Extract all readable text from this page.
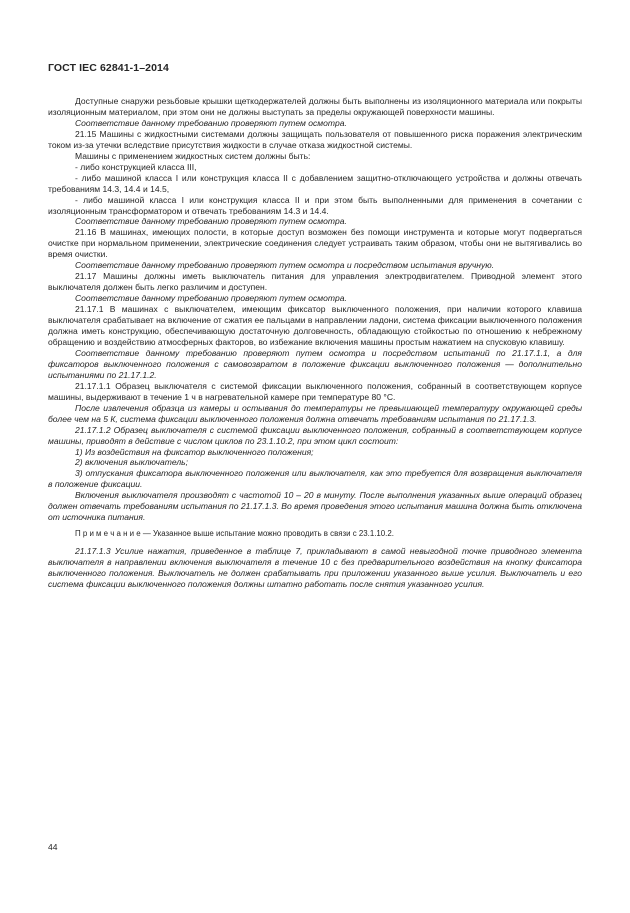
ГОСТ IEC 62841-1–2014

Доступные снаружи резьбовые крышки щеткодержателей должны быть выполнены из изоляционного материала или покрыты изоляционным материалом, при этом они не должны выступать за пределы окружающей поверхности машины.

Соответствие данному требованию проверяют путем осмотра.

21.15 Машины с жидкостными системами должны защищать пользователя от повышенного риска поражения электрическим током из-за утечки вследствие присутствия жидкости в случае отказа жидкостной системы.

Машины с применением жидкостных систем должны быть:

- либо конструкцией класса III,

- либо машиной класса I или конструкция класса II с добавлением защитно-отключающего устройства и должны отвечать требованиям 14.3, 14.4 и 14.5,

- либо машиной класса I или конструкция класса II и при этом быть выполненными для применения в сочетании с изоляционным трансформатором и отвечать требованиям 14.3 и 14.4.

Соответствие данному требованию проверяют путем осмотра.

21.16 В машинах, имеющих полости, в которые доступ возможен без помощи инструмента и которые могут подвергаться очистке при нормальном применении, электрические соединения следует устраивать таким образом, чтобы они не вытягивались во время очистки.

Соответствие данному требованию проверяют путем осмотра и посредством испытания вручную.

21.17 Машины должны иметь выключатель питания для управления электродвигателем. Приводной элемент этого выключателя должен быть легко различим и доступен.

Соответствие данному требованию проверяют путем осмотра.

21.17.1 В машинах с выключателем, имеющим фиксатор выключенного положения, при наличии которого клавиша выключателя срабатывает на включение от сжатия ее пальцами в направлении ладони, система фиксации выключенного положения должна иметь конструкцию, обеспечивающую достаточную долговечность, обладающую стойкостью по отношению к небрежному обращению и воздействию атмосферных факторов, во избежание включения машины простым нажатием на спусковую клавишу.

Соответствие данному требованию проверяют путем осмотра и посредством испытаний по 21.17.1.1, а для фиксаторов выключенного положения с самовозвратом в положение фиксации выключенного положения — дополнительно испытаниями по 21.17.1.2.

21.17.1.1 Образец выключателя с системой фиксации выключенного положения, собранный в соответствующем корпусе машины, выдерживают в течение 1 ч в нагревательной камере при температуре 80 °С.

После извлечения образца из камеры и остывания до температуры не превышающей температуру окружающей среды более чем на 5 К, система фиксации выключенного положения должна отвечать требованиям испытания по 21.17.1.3.

21.17.1.2 Образец выключателя с системой фиксации выключенного положения, собранный в соответствующем корпусе машины, приводят в действие с числом циклов по 23.1.10.2, при этом цикл состоит:

1) Из воздействия на фиксатор выключенного положения;

2) включения выключатель;

3) отпускания фиксатора выключенного положения или выключателя, как это требуется для возвращения выключателя в положение фиксации.

Включения выключателя производят с частотой 10 – 20 в минуту. После выполнения указанных выше операций образец должен отвечать требованиям испытания по 21.17.1.3. Во время проведения этого испытания машина должна быть отключена от источника питания.

П р и м е ч а н и е — Указанное выше испытание можно проводить в связи с 23.1.10.2.

21.17.1.3 Усилие нажатия, приведенное в таблице 7, прикладывают в самой невыгодной точке приводного элемента выключателя в направлении включения выключателя в течение 10 с без предварительного воздействия на кнопку фиксатора выключенного положения. Выключатель не должен срабатывать при приложении указанного выше усилия. Выключатель и его система фиксации выключенного положения должны штатно работать после снятия указанного усилия.

44
